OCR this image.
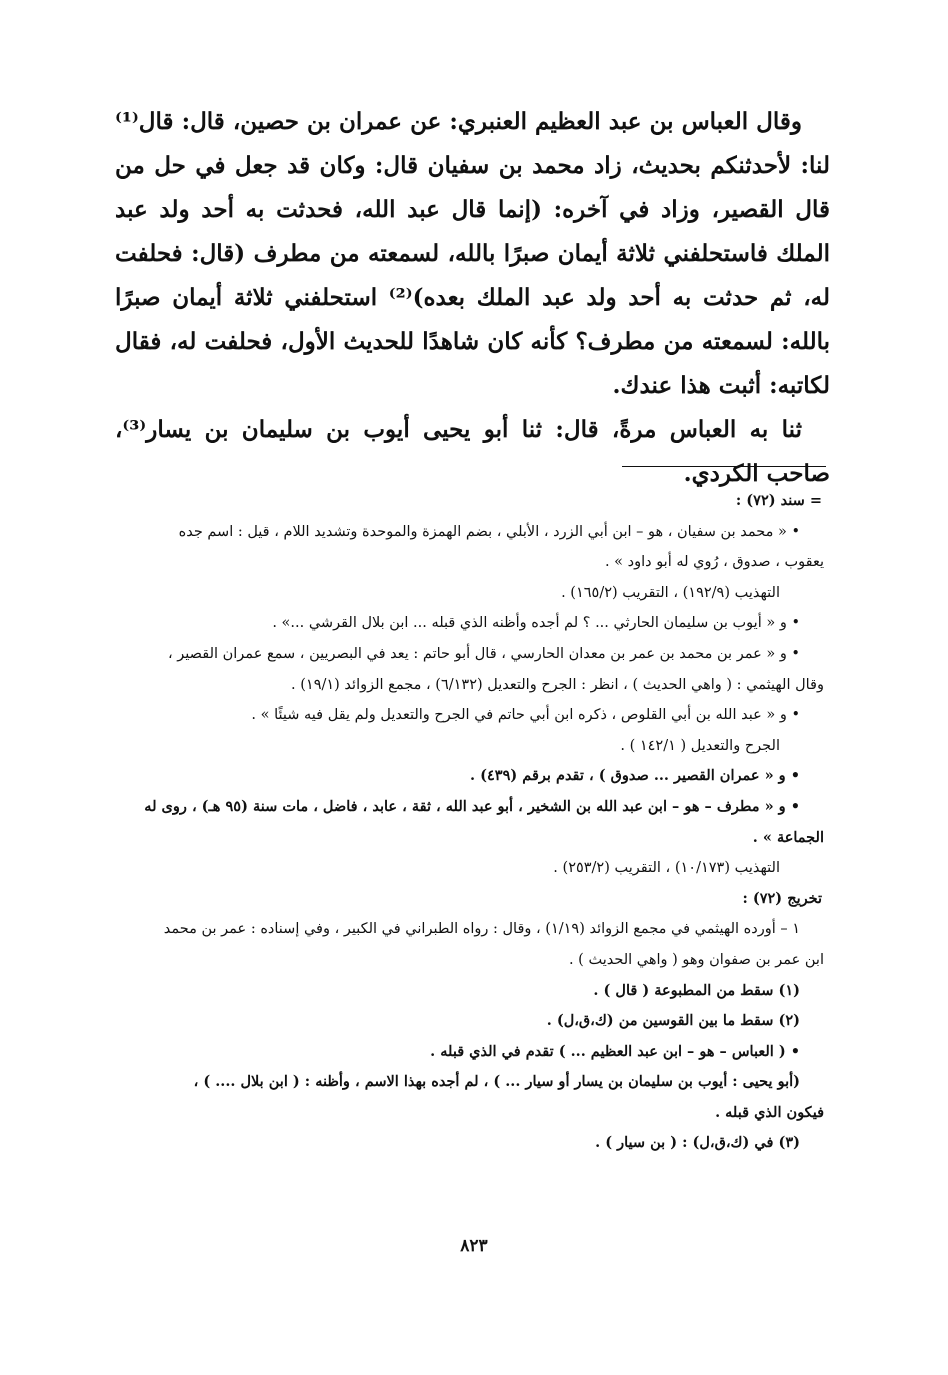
وقال العباس بن عبد العظيم العنبري: عن عمران بن حصين، قال: قال⁽¹⁾ لنا: لأحدثنكم بحديث، زاد محمد بن سفيان قال: وكان قد جعل في حل من قال القصير، وزاد في آخره: (إنما قال عبد الله، فحدثت به أحد ولد عبد الملك فاستحلفني ثلاثة أيمان صبرًا بالله، لسمعته من مطرف (قال: فحلفت له، ثم حدثت به أحد ولد عبد الملك بعده)⁽²⁾ استحلفني ثلاثة أيمان صبرًا بالله: لسمعته من مطرف؟ كأنه كان شاهدًا للحديث الأول، فحلفت له، فقال لكاتبه: أثبت هذا عندك.

ثنا به العباس مرةً، قال: ثنا أبو يحيى أيوب بن سليمان بن يسار⁽³⁾، صاحب الكردي.

= سند (٧٢) :
• « محمد بن سفيان ، هو – ابن أبي الزرد ، الأبلي ، بضم الهمزة والموحدة وتشديد اللام ، قيل : اسم جده
يعقوب ، صدوق ، رُوي له أبو داود » .
التهذيب (١٩٢/٩) ، التقريب (١٦٥/٢) .
• و « أيوب بن سليمان الحارثي ... ؟ لم أجده وأظنه الذي قبله ... ابن بلال القرشي ...» .
• و « عمر بن محمد بن عمر بن معدان الحارسي ، قال أبو حاتم : يعد في البصريين ، سمع عمران القصير ،
وقال الهيثمي : ( واهي الحديث ) ، انظر : الجرح والتعديل (٦/١٣٢) ، مجمع الزوائد (١٩/١) .
• و « عبد الله بن أبي القلوص ، ذكره ابن أبي حاتم في الجرح والتعديل ولم يقل فيه شيئًا » .
الجرح والتعديل ( ١٤٢/١ ) .
• و « عمران القصير ... صدوق ) ، تقدم برقم (٤٣٩) .
• و « مطرف – هو – ابن عبد الله بن الشخير ، أبو عبد الله ، ثقة ، عابد ، فاضل ، مات سنة (٩٥ هـ) ، روى له
الجماعة » .
التهذيب (١٠/١٧٣) ، التقريب (٢٥٣/٢) .
تخريج (٧٢) :
١ – أورده الهيثمي في مجمع الزوائد (١/١٩) ، وقال : رواه الطبراني في الكبير ، وفي إسناده : عمر بن محمد
ابن عمر بن صفوان وهو ( واهي الحديث ) .
(١) سقط من المطبوعة ( قال ) .
(٢) سقط ما بين القوسين من (ك،ق،ل) .
• ( العباس – هو – ابن عبد العظيم ... ) تقدم في الذي قبله .
(أبو يحيى : أيوب بن سليمان بن يسار أو سيار ... ) ، لم أجده بهذا الاسم ، وأظنه : ( ابن بلال .... ) ،
فيكون الذي قبله .
(٣) في (ك،ق،ل) : ( بن سيار ) .
٨٢٣
